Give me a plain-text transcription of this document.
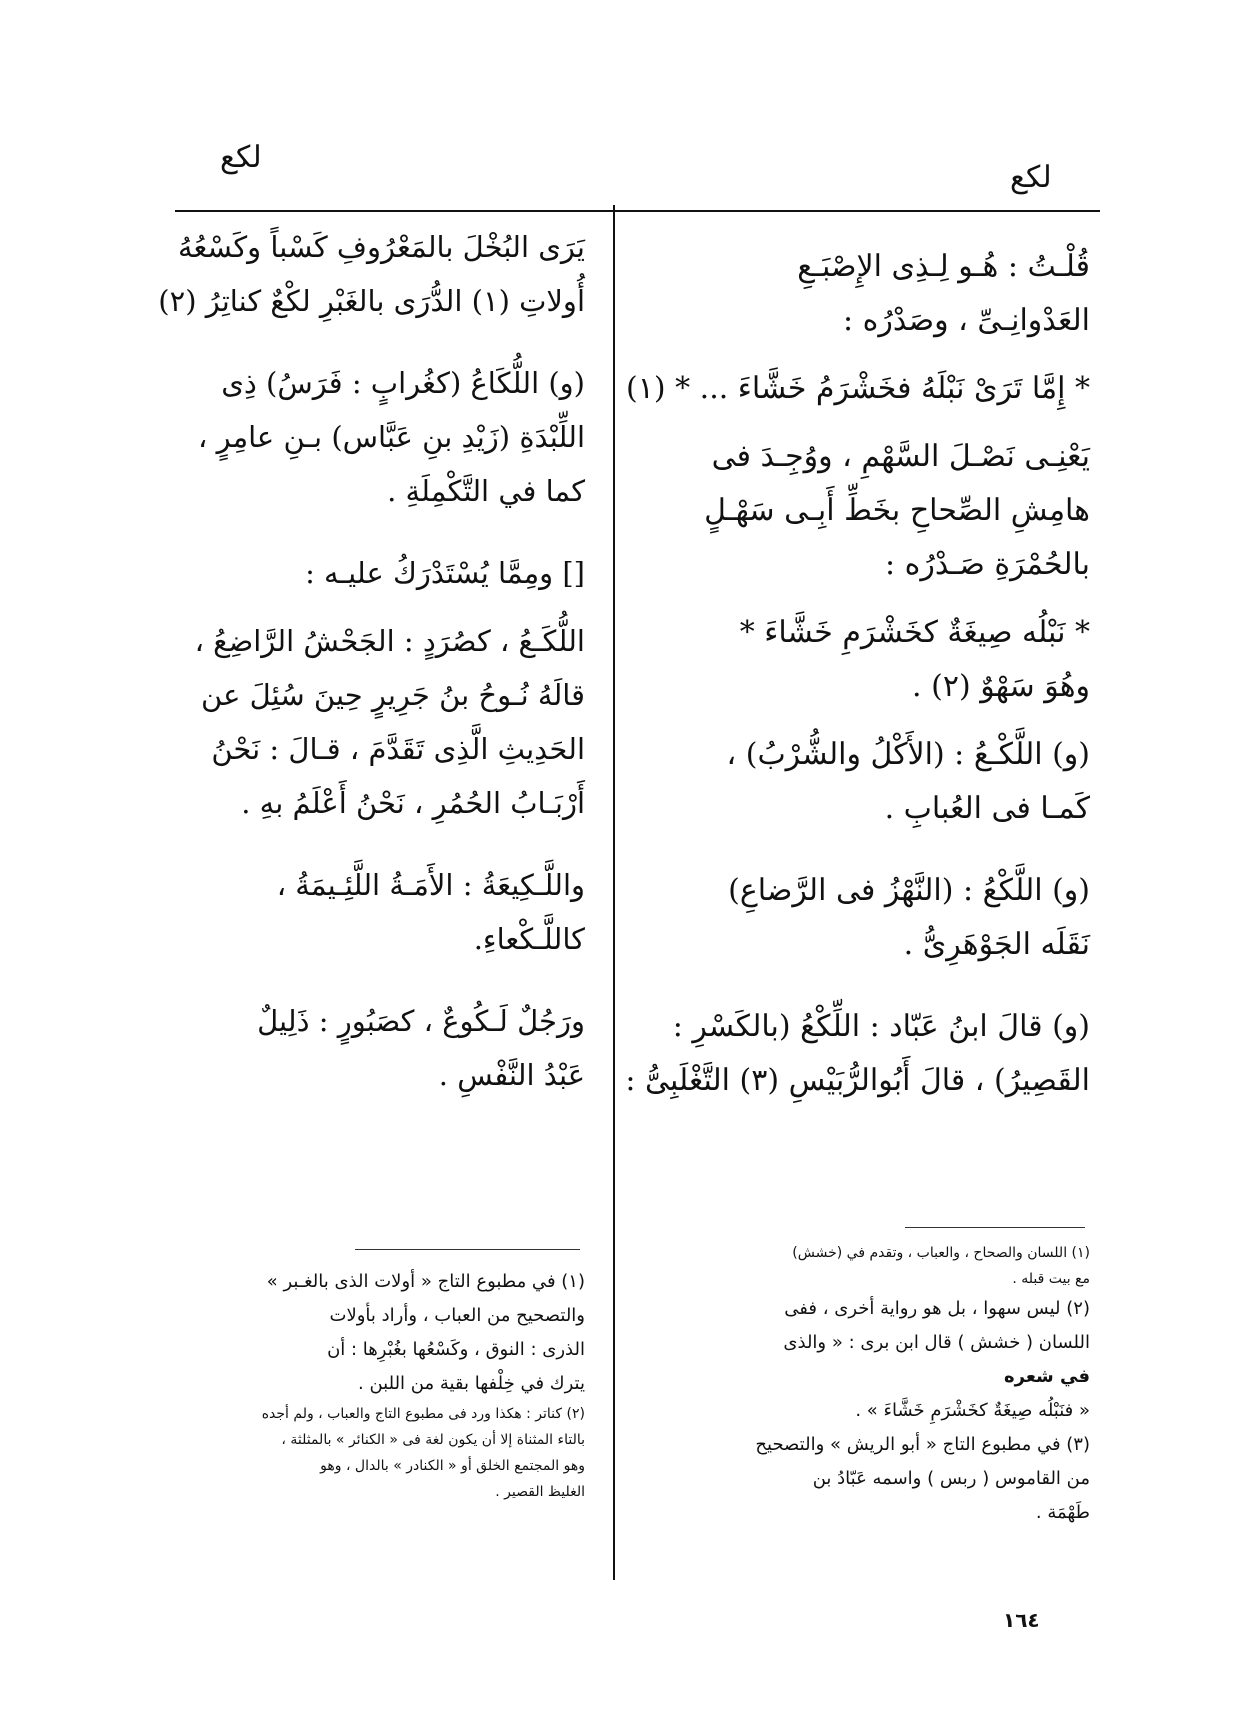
لكع
لكع
يَرَى البُخْلَ بالمَعْرُوفِ كَسْباً وكَسْعُهُ
أُولاتِ (١) الدُّرَى بالغَبْرِ لكْعٌ كناتِرُ (٢)
(و) اللُّكَاعُ (كغُرابٍ : فَرَسُ) ذِى
اللِّبْدَةِ (زَيْدِ بنِ عَبَّاس) بـنِ عامِرٍ ،
كما في التَّكْمِلَةِ .
[] ومِمَّا يُسْتَدْرَكُ عليـه :
اللُّكَـعُ ، كصُرَدٍ : الجَحْشُ الرَّاضِعُ ،
قالَهُ نُـوحُ بنُ جَرِيرٍ حِينَ سُئِلَ عن
الحَدِيثِ الَّذِى تَقَدَّمَ ، قـالَ : نَحْنُ
أَرْبَـابُ الحُمُرِ ، نَحْنُ أَعْلَمُ بهِ .
واللَّـكِيعَةُ : الأَمَـةُ اللَّئِـيمَةُ ،
كاللَّـكْعاءِ.
ورَجُلٌ لَـكُوعٌ ، كصَبُورٍ : ذَلِيلٌ
عَبْدُ النَّفْسِ .
قُلْـتُ : هُـو لِـذِى الإِصْبَـعِ
العَدْوانِـىِّ ، وصَدْرُه :
* إِمَّا تَرَىْ نَبْلَهُ فخَشْرَمُ خَشَّاءَ ... * (١)
يَعْنِـى نَصْـلَ السَّهْمِ ، ووُجِـدَ فى
هامِشِ الصِّحاحِ بخَطِّ أَبِـى سَهْـلٍ
بالحُمْرَةِ صَـدْرُه :
* نَبْلُه صِيغَةٌ كخَشْرَمِ خَشَّاءَ *
وهُوَ سَهْوٌ (٢) .
(و) اللَّكْـعُ : (الأَكْلُ والشُّرْبُ) ،
كَمـا فى العُبابِ .
(و) اللَّكْعُ : (النَّهْزُ فى الرَّضاعِ)
نَقَلَه الجَوْهَرِىُّ .
(و) قالَ ابنُ عَبّاد : اللِّكْعُ (بالكَسْرِ :
القَصِيرُ) ، قالَ أَبُوالرُّبَيْسِ (٣) التَّغْلَبِىُّ :
(١) في مطبوع التاج « أولات الذى بالغـبر »
والتصحيح من العباب ، وأراد بأولات
الذرى : النوق ، وكَسْعُها بغُبْرِها : أن
يترك في خِلْفها بقية من اللبن .
(٢) كناتر : هكذا ورد فى مطبوع التاج والعباب ، ولم أجده
بالتاء المثناة إلا أن يكون لغة فى « الكنائر » بالمثلثة ،
وهو المجتمع الخلق أو « الكنادر » بالدال ، وهو
الغليظ القصير .
(١) اللسان والصحاح ، والعباب ، وتقدم في (خشش)
مع بيت قبله .
(٢) ليس سهوا ، بل هو رواية أخرى ، ففى
اللسان ( خشش ) قال ابن برى : « والذى
في شعره
« فنَبْلُه صِيغَةٌ كخَشْرَمِ خَشَّاءَ » .
(٣) في مطبوع التاج « أبو الريش » والتصحيح
من القاموس ( ربس ) واسمه عَبّادُ بن
طَهْمَة .
١٦٤
